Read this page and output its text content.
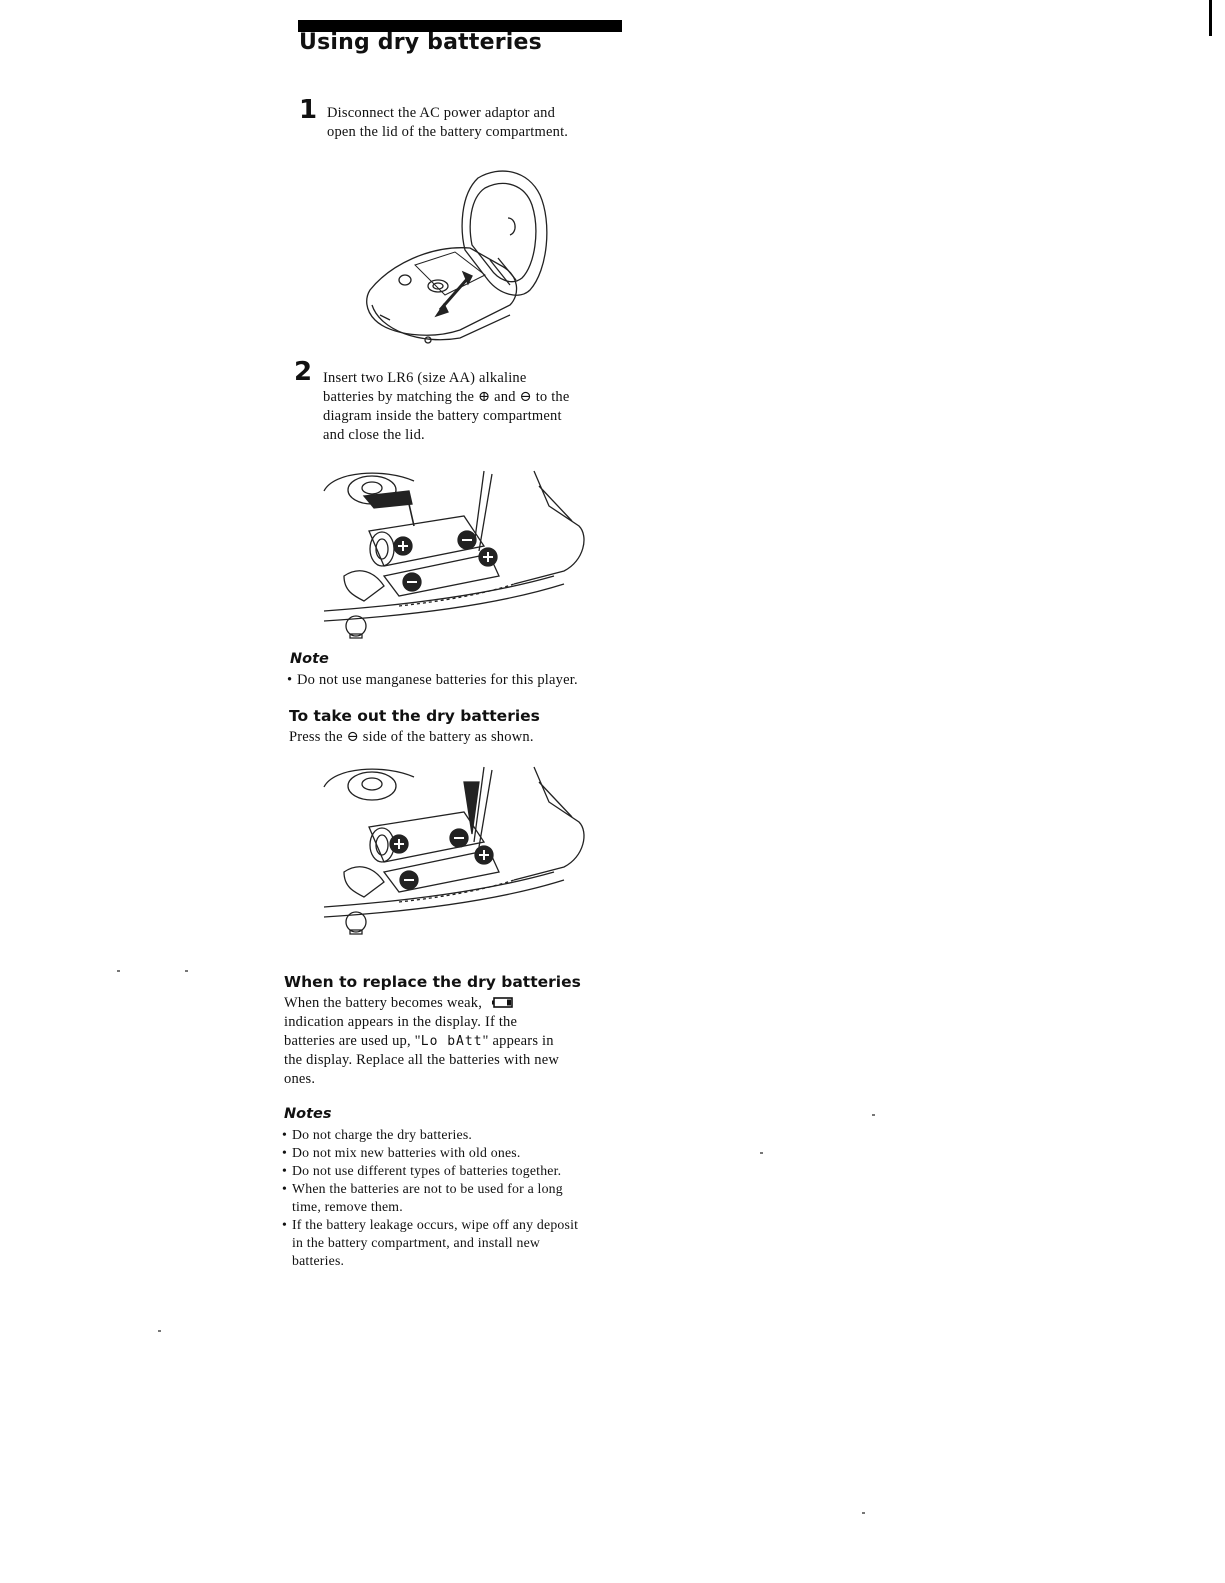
Using dry batteries
1 Disconnect the AC power adaptor and
open the lid of the battery compartment.
2 Insert two LR6 (size AA) alkaline
batteries by matching the ⊕ and ⊖ to the
diagram inside the battery compartment
and close the lid.
Note
• Do not use manganese batteries for this player.
To take out the dry batteries
Press the ⊖ side of the battery as shown.
When to replace the dry batteries
When the battery becomes weak,
indication appears in the display. If the
batteries are used up, "Lo bAtt" appears in
the display. Replace all the batteries with new
ones.
Notes
• Do not charge the dry batteries.
• Do not mix new batteries with old ones.
• Do not use different types of batteries together.
• When the batteries are not to be used for a long time, remove them.
• If the battery leakage occurs, wipe off any deposit in the battery compartment, and install new batteries.
